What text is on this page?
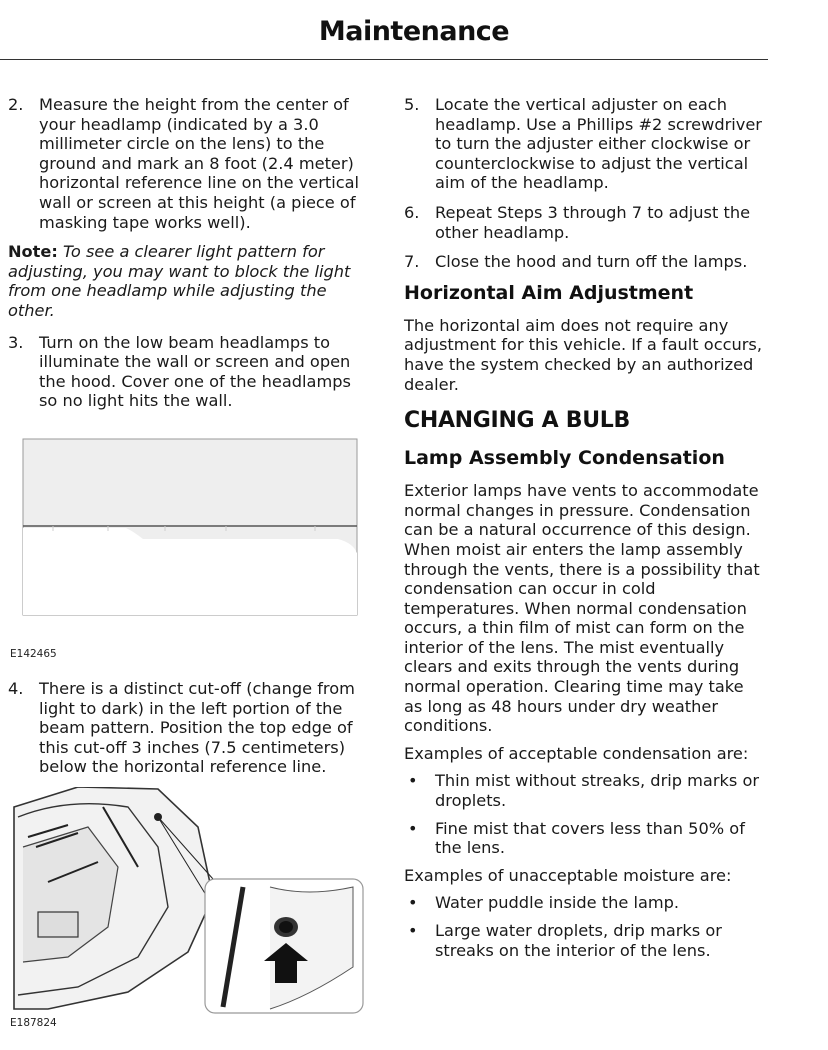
Maintenance
2. Measure the height from the center of your headlamp (indicated by a 3.0 millimeter circle on the lens) to the ground and mark an 8 foot (2.4 meter) horizontal reference line on the vertical wall or screen at this height (a piece of masking tape works well).
Note: To see a clearer light pattern for adjusting, you may want to block the light from one headlamp while adjusting the other.
3. Turn on the low beam headlamps to illuminate the wall or screen and open the hood. Cover one of the headlamps so no light hits the wall.
E142465
4. There is a distinct cut-off (change from light to dark) in the left portion of the beam pattern. Position the top edge of this cut-off 3 inches (7.5 centimeters) below the horizontal reference line.
E187824
5. Locate the vertical adjuster on each headlamp. Use a Phillips #2 screwdriver to turn the adjuster either clockwise or counterclockwise to adjust the vertical aim of the headlamp.
6. Repeat Steps 3 through 7 to adjust the other headlamp.
7. Close the hood and turn off the lamps.
Horizontal Aim Adjustment
The horizontal aim does not require any adjustment for this vehicle. If a fault occurs, have the system checked by an authorized dealer.
CHANGING A BULB
Lamp Assembly Condensation
Exterior lamps have vents to accommodate normal changes in pressure. Condensation can be a natural occurrence of this design. When moist air enters the lamp assembly through the vents, there is a possibility that condensation can occur in cold temperatures. When normal condensation occurs, a thin film of mist can form on the interior of the lens. The mist eventually clears and exits through the vents during normal operation. Clearing time may take as long as 48 hours under dry weather conditions.
Examples of acceptable condensation are:
• Thin mist without streaks, drip marks or droplets.
• Fine mist that covers less than 50% of the lens.
Examples of unacceptable moisture are:
• Water puddle inside the lamp.
• Large water droplets, drip marks or streaks on the interior of the lens.
